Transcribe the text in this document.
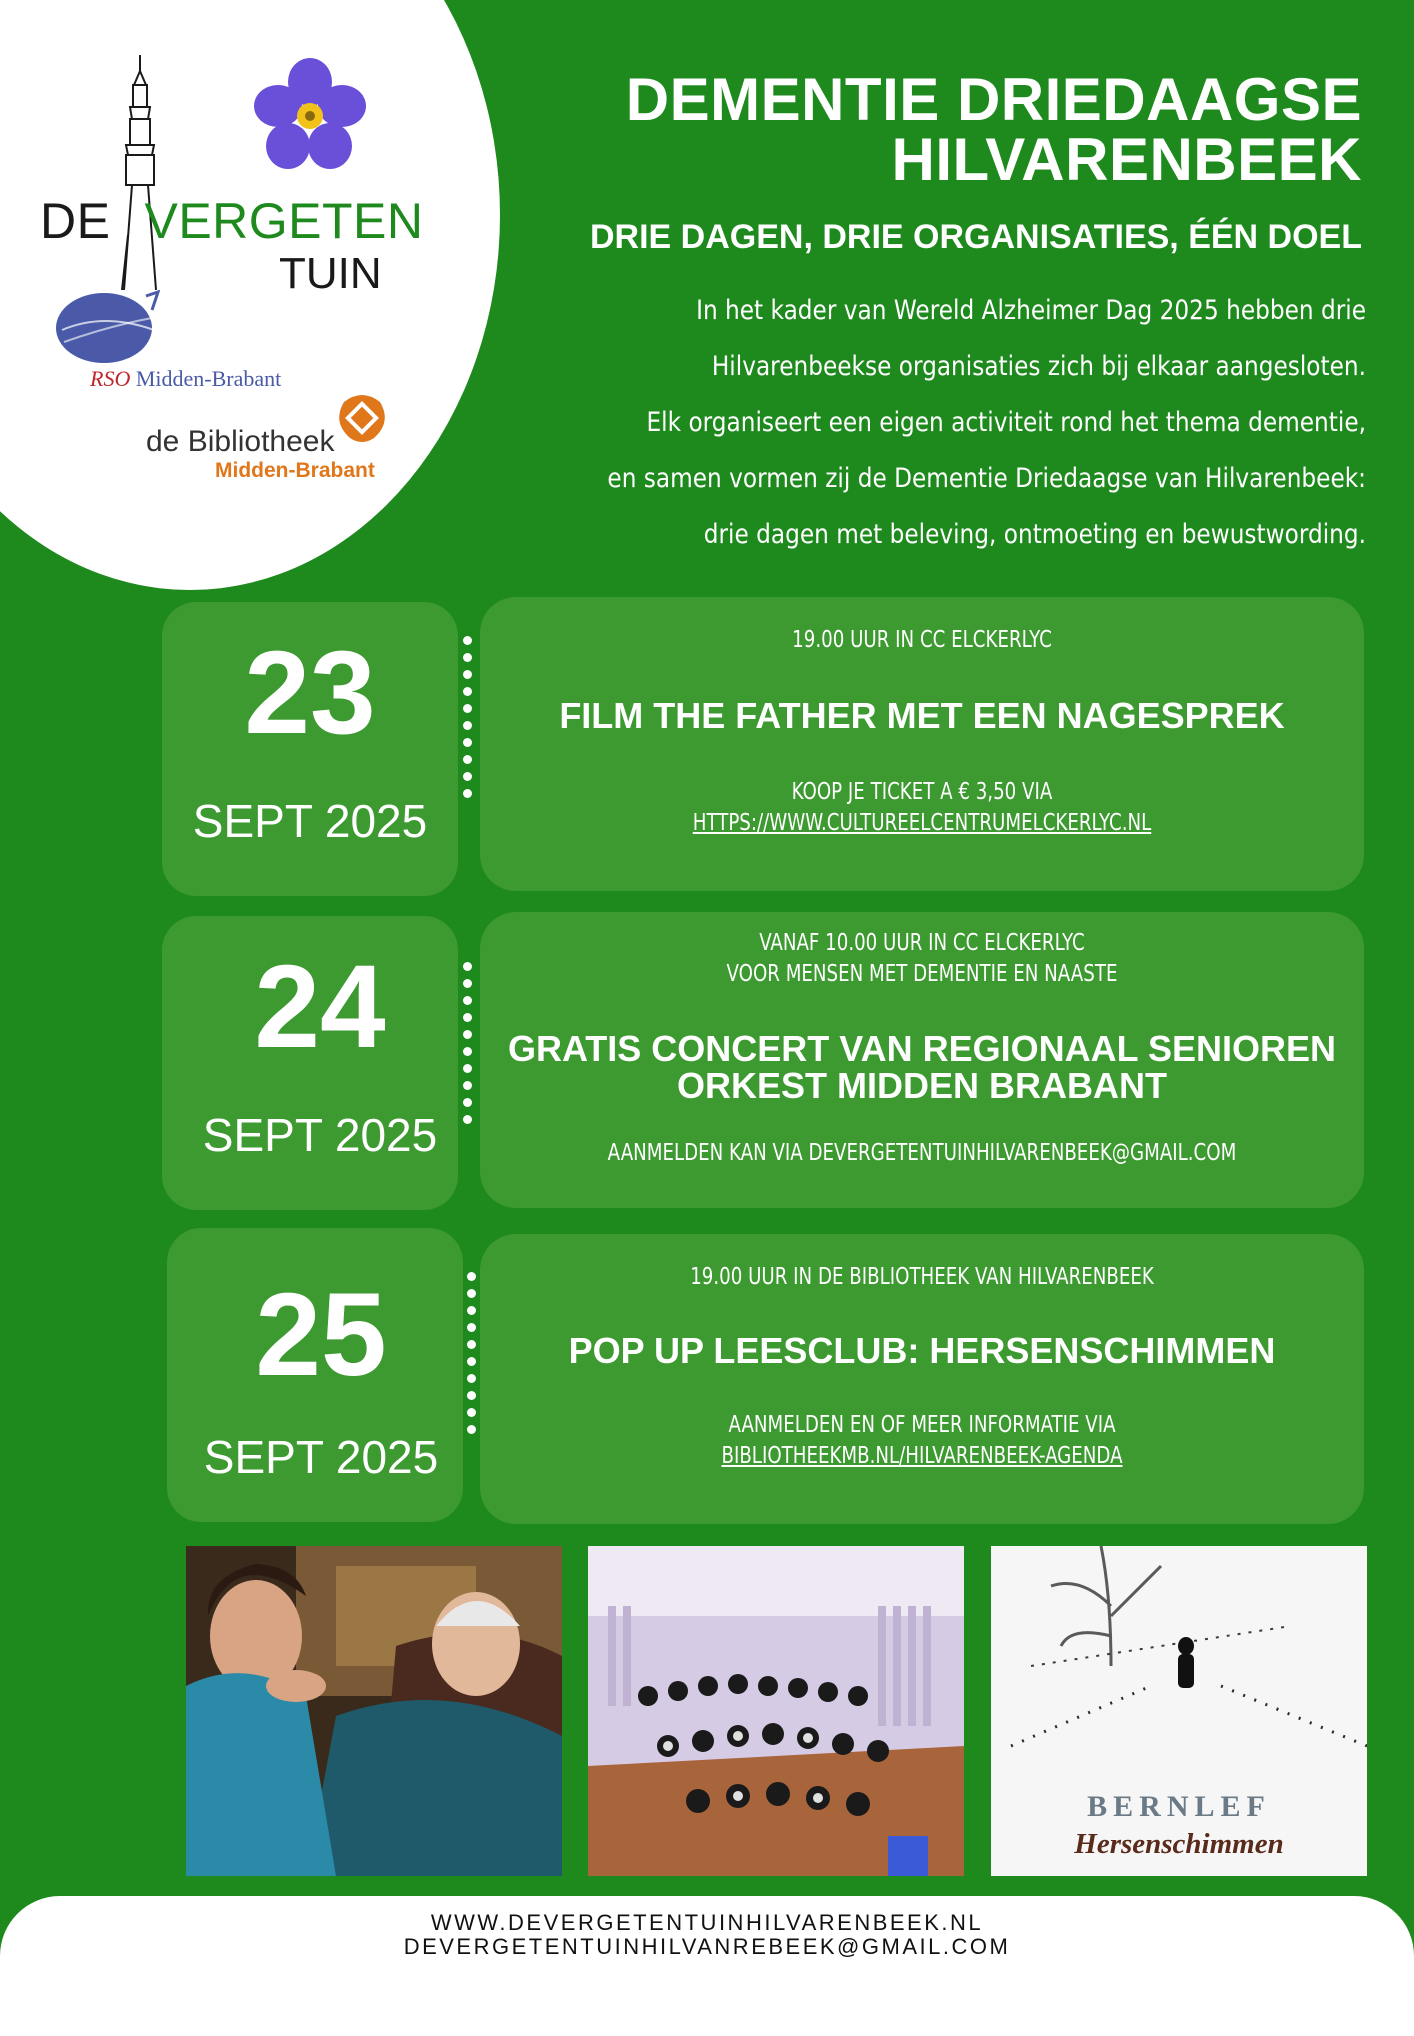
DE VERGETEN
TUIN
RSO Midden-Brabant
de Bibliotheek
Midden-Brabant
DEMENTIE DRIEDAAGSE
HILVARENBEEK
DRIE DAGEN, DRIE ORGANISATIES, ÉÉN DOEL
In het kader van Wereld Alzheimer Dag 2025 hebben drie
Hilvarenbeekse organisaties zich bij elkaar aangesloten.
Elk organiseert een eigen activiteit rond het thema dementie,
en samen vormen zij de Dementie Driedaagse van Hilvarenbeek:
drie dagen met beleving, ontmoeting en bewustwording.
23
SEPT 2025
19.00 UUR IN CC ELCKERLYC
FILM THE FATHER MET EEN NAGESPREK
KOOP JE TICKET A € 3,50 VIA
HTTPS://WWW.CULTUREELCENTRUMELCKERLYC.NL
24
SEPT 2025
VANAF 10.00 UUR IN CC ELCKERLYC
VOOR MENSEN MET DEMENTIE EN NAASTE
GRATIS CONCERT VAN REGIONAAL SENIOREN
ORKEST MIDDEN BRABANT
AANMELDEN KAN VIA DEVERGETENTUINHILVARENBEEK@GMAIL.COM
25
SEPT 2025
19.00 UUR IN DE BIBLIOTHEEK VAN HILVARENBEEK
POP UP LEESCLUB: HERSENSCHIMMEN
AANMELDEN EN OF MEER INFORMATIE VIA
BIBLIOTHEEKMB.NL/HILVARENBEEK-AGENDA
BERNLEF
Hersenschimmen
WWW.DEVERGETENTUINHILVARENBEEK.NL
DEVERGETENTUINHILVANREBEEK@GMAIL.COM
